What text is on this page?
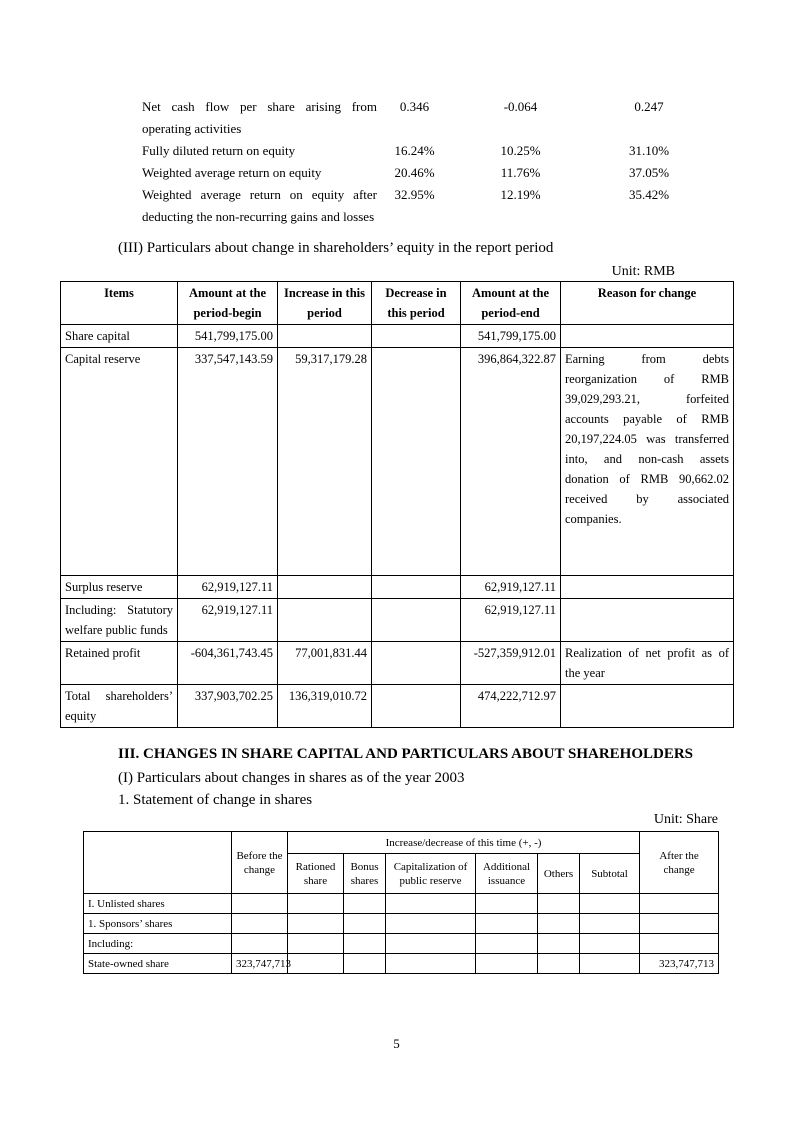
Net cash flow per share arising from operating activities
0.346	-0.064	0.247
Fully diluted return on equity	16.24%	10.25%	31.10%
Weighted average return on equity	20.46%	11.76%	37.05%
Weighted average return on equity after deducting the non-recurring gains and losses
32.95%	12.19%	35.42%
(III) Particulars about change in shareholders’ equity in the report period
Unit: RMB
Items	Amount at the period-begin	Increase in this period	Decrease in this period	Amount at the period-end	Reason for change
Share capital	541,799,175.00			541,799,175.00	
Capital reserve	337,547,143.59	59,317,179.28		396,864,322.87	Earning from debts reorganization of RMB 39,029,293.21, forfeited accounts payable of RMB 20,197,224.05 was transferred into, and non-cash assets donation of RMB 90,662.02 received by associated companies.
Surplus reserve	62,919,127.11			62,919,127.11	
Including: Statutory welfare public funds	62,919,127.11			62,919,127.11	
Retained profit	-604,361,743.45	77,001,831.44		-527,359,912.01	Realization of net profit as of the year
Total shareholders’ equity	337,903,702.25	136,319,010.72		474,222,712.97	
III. CHANGES IN SHARE CAPITAL AND PARTICULARS ABOUT SHAREHOLDERS
(I) Particulars about changes in shares as of the year 2003
1. Statement of change in shares
Unit: Share
	Before the change	Increase/decrease of this time (+, -)						After the change
		Rationed share	Bonus shares	Capitalization of public reserve	Additional issuance	Others	Subtotal	
I. Unlisted shares								
1. Sponsors’ shares								
Including:								
State-owned share	323,747,713							323,747,713
5
